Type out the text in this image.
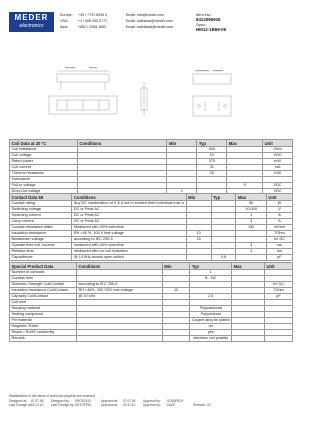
MEDER
electronics
Europe:	+49 / 7731 8399 0	Email: info@meder.com
USA:	+1 / 508 295 0771	Email: salesusa@meder.com
Asia:	+852 / 2955 1682	Email: salesasia@meder.com
Item No.:
8412569006
Spec:
HM12-1B69-06
Coil Data at 20 °C	Conditions	Min	Typ	Max	Unit
Coil resistance			500		Ohm
Coil voltage			12		VDC
Rated power			375		mW
Coil current			31		mA
Thermal resistance			25		K/W
Inductance					
Pull-In voltage				9	VDC
Drop-Out voltage		1			VDC
Contact Data 69	Conditions	Min	Typ	Max	Unit
Contact rating	Any DC combination of V & A not to exceed their individual max.'s			50	W
Switching voltage	DC or Peak AC			10.000	V
Switching current	DC or Peak AC			1	A
Carry current	DC or Peak AC			3	A
Contact resistance static	Measured with 40% overdrive			150	mOhm
Insulation resistance	RH <45 %, 100 V test voltage	10			TOhm
Breakdown voltage	according to IEC 255-5	15			kV DC
Operate time incl. bounce	measured with 40% overdrive			3	ms
Release time	measured with no coil excitation			1	ms
Capacitance	@ 10 kHz across open switch		0,8		pF
Special Product Data	Conditions	Min	Typ	Max	Unit
Number of contacts			1		
Contact form			B - NC		
Dielectric Strength Coil/Contact	according to IEC 255-5				kV DC
Insulation resistance Coil/Contact	RH <45%, 200 VDC test voltage	10			TOhm
Capacity Coil/Contact	@ 10 kHz		2,5		pF
Coil wire					
Housing material			Polycarbonat		
Sealing compound			Polyurethan		
Pin material			Copper alloy tin plated		
Magnetic Shield			no		
Reach / RoHS conformity			yes		
Remark			attention coil polarity		
Modifications in the sense of technical progress are reserved
Designed at:	07.07.06	Designed by:	KROSOLIS	Approval at:	07.07.06	Approval by:	SOLBRICH
Last Change at: 03.12.10	Last Change by: KETOPPEL	Approval at:	03.12.10	Approval by:	ZAUF	Revision: 03
